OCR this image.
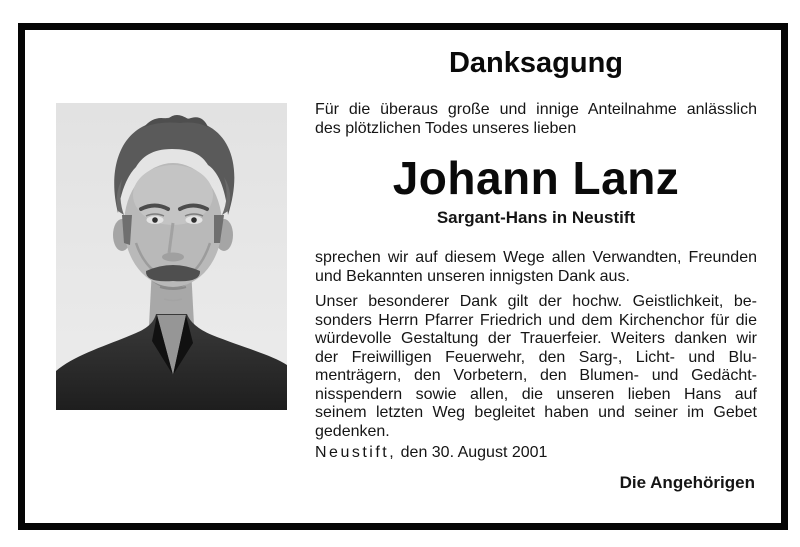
Danksagung
Für die überaus große und innige Anteilnahme anlässlich
des plötzlichen Todes unseres lieben
Johann Lanz
Sargant-Hans in Neustift
sprechen wir auf diesem Wege allen Verwandten, Freunden
und Bekannten unseren innigsten Dank aus.
Unser besonderer Dank gilt der hochw. Geistlichkeit, be-
sonders Herrn Pfarrer Friedrich und dem Kirchenchor für die
würdevolle Gestaltung der Trauerfeier. Weiters danken wir
der Freiwilligen Feuerwehr, den Sarg-, Licht- und Blu-
menträgern, den Vorbetern, den Blumen- und Gedächt-
nisspendern sowie allen, die unseren lieben Hans auf
seinem letzten Weg begleitet haben und seiner im Gebet
gedenken.
Neustift, den 30. August 2001
Die Angehörigen
